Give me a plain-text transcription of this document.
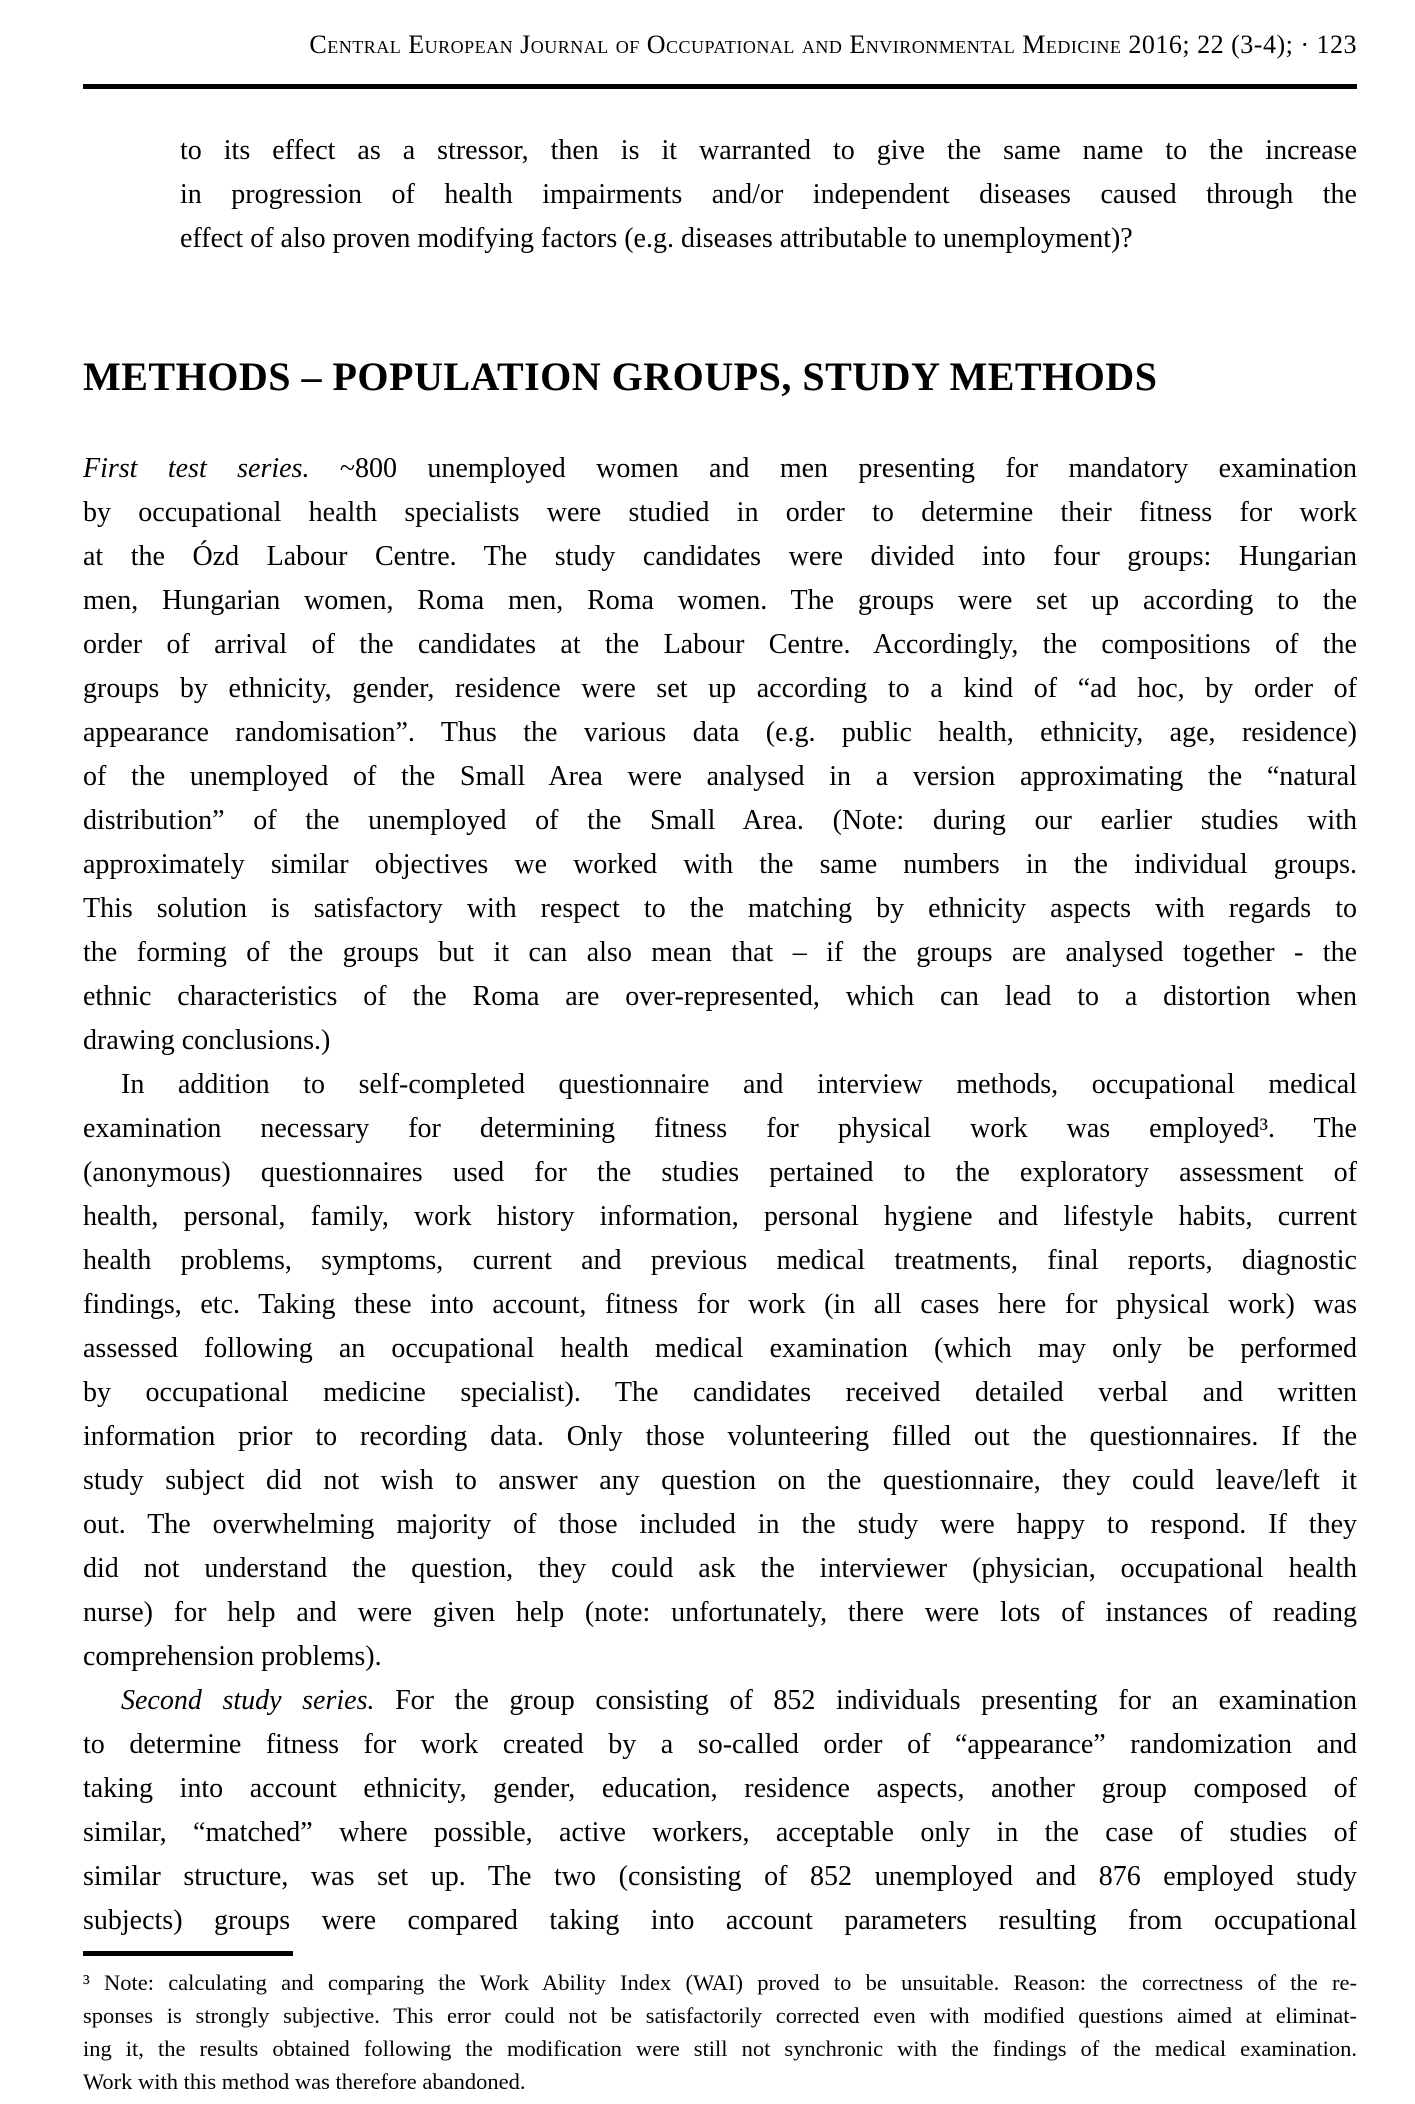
Central European Journal of Occupational and Environmental Medicine 2016; 22 (3-4); · 123
to its effect as a stressor, then is it warranted to give the same name to the increase
in progression of health impairments and/or independent diseases caused through the
effect of also proven modifying factors (e.g. diseases attributable to unemployment)?
METHODS – POPULATION GROUPS, STUDY METHODS
First test series. ~800 unemployed women and men presenting for mandatory examination
by occupational health specialists were studied in order to determine their fitness for work
at the Ózd Labour Centre. The study candidates were divided into four groups: Hungarian
men, Hungarian women, Roma men, Roma women. The groups were set up according to the
order of arrival of the candidates at the Labour Centre. Accordingly, the compositions of the
groups by ethnicity, gender, residence were set up according to a kind of “ad hoc, by order of
appearance randomisation”. Thus the various data (e.g. public health, ethnicity, age, residence)
of the unemployed of the Small Area were analysed in a version approximating the “natural
distribution” of the unemployed of the Small Area. (Note: during our earlier studies with
approximately similar objectives we worked with the same numbers in the individual groups.
This solution is satisfactory with respect to the matching by ethnicity aspects with regards to
the forming of the groups but it can also mean that – if the groups are analysed together - the
ethnic characteristics of the Roma are over-represented, which can lead to a distortion when
drawing conclusions.)
In addition to self-completed questionnaire and interview methods, occupational medical
examination necessary for determining fitness for physical work was employed³. The
(anonymous) questionnaires used for the studies pertained to the exploratory assessment of
health, personal, family, work history information, personal hygiene and lifestyle habits, current
health problems, symptoms, current and previous medical treatments, final reports, diagnostic
findings, etc. Taking these into account, fitness for work (in all cases here for physical work) was
assessed following an occupational health medical examination (which may only be performed
by occupational medicine specialist). The candidates received detailed verbal and written
information prior to recording data. Only those volunteering filled out the questionnaires. If the
study subject did not wish to answer any question on the questionnaire, they could leave/left it
out. The overwhelming majority of those included in the study were happy to respond. If they
did not understand the question, they could ask the interviewer (physician, occupational health
nurse) for help and were given help (note: unfortunately, there were lots of instances of reading
comprehension problems).
Second study series. For the group consisting of 852 individuals presenting for an examination
to determine fitness for work created by a so-called order of “appearance” randomization and
taking into account ethnicity, gender, education, residence aspects, another group composed of
similar, “matched” where possible, active workers, acceptable only in the case of studies of
similar structure, was set up. The two (consisting of 852 unemployed and 876 employed study
subjects) groups were compared taking into account parameters resulting from occupational
³ Note: calculating and comparing the Work Ability Index (WAI) proved to be unsuitable. Reason: the correctness of the re-
sponses is strongly subjective. This error could not be satisfactorily corrected even with modified questions aimed at eliminat-
ing it, the results obtained following the modification were still not synchronic with the findings of the medical examination.
Work with this method was therefore abandoned.
